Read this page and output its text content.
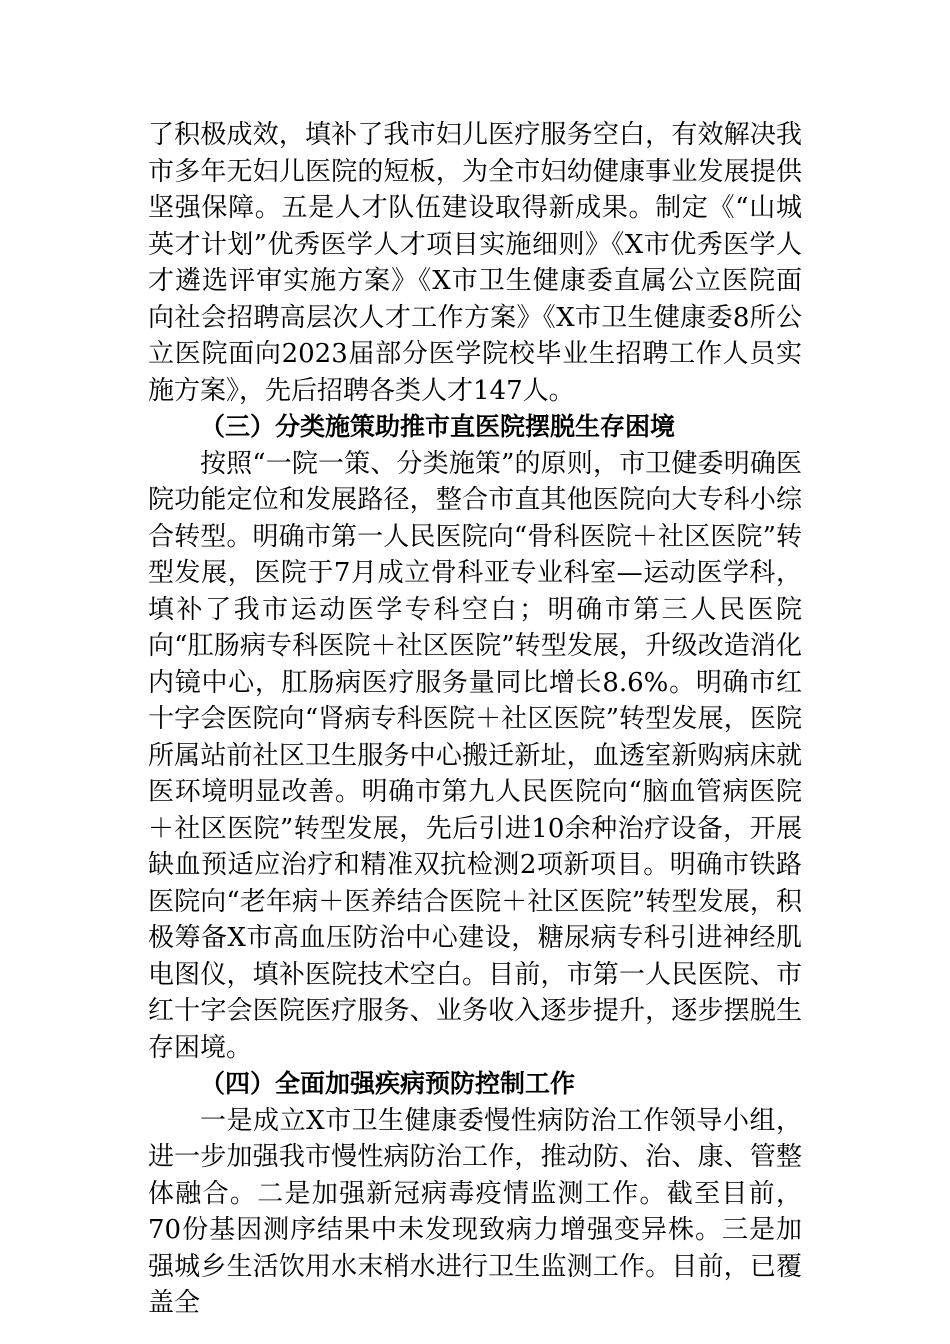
了积极成效，填补了我市妇儿医疗服务空白，有效解决我市多年无妇儿医院的短板，为全市妇幼健康事业发展提供坚强保障。五是人才队伍建设取得新成果。制定《“山城英才计划”优秀医学人才项目实施细则》《X市优秀医学人才遴选评审实施方案》《X市卫生健康委直属公立医院面向社会招聘高层次人才工作方案》《X市卫生健康委8所公立医院面向2023届部分医学院校毕业生招聘工作人员实施方案》，先后招聘各类人才147人。

（三）分类施策助推市直医院摆脱生存困境

按照“一院一策、分类施策”的原则，市卫健委明确医院功能定位和发展路径，整合市直其他医院向大专科小综合转型。明确市第一人民医院向“骨科医院＋社区医院”转型发展，医院于7月成立骨科亚专业科室—运动医学科，填补了我市运动医学专科空白；明确市第三人民医院向“肛肠病专科医院＋社区医院”转型发展，升级改造消化内镜中心，肛肠病医疗服务量同比增长8.6%。明确市红十字会医院向“肾病专科医院＋社区医院”转型发展，医院所属站前社区卫生服务中心搬迁新址，血透室新购病床就医环境明显改善。明确市第九人民医院向“脑血管病医院＋社区医院”转型发展，先后引进10余种治疗设备，开展缺血预适应治疗和精准双抗检测2项新项目。明确市铁路医院向“老年病＋医养结合医院＋社区医院”转型发展，积极筹备X市高血压防治中心建设，糖尿病专科引进神经肌电图仪，填补医院技术空白。目前，市第一人民医院、市红十字会医院医疗服务、业务收入逐步提升，逐步摆脱生存困境。

（四）全面加强疾病预防控制工作

一是成立X市卫生健康委慢性病防治工作领导小组，进一步加强我市慢性病防治工作，推动防、治、康、管整体融合。二是加强新冠病毒疫情监测工作。截至目前，70份基因测序结果中未发现致病力增强变异株。三是加强城乡生活饮用水末梢水进行卫生监测工作。目前，已覆盖全
